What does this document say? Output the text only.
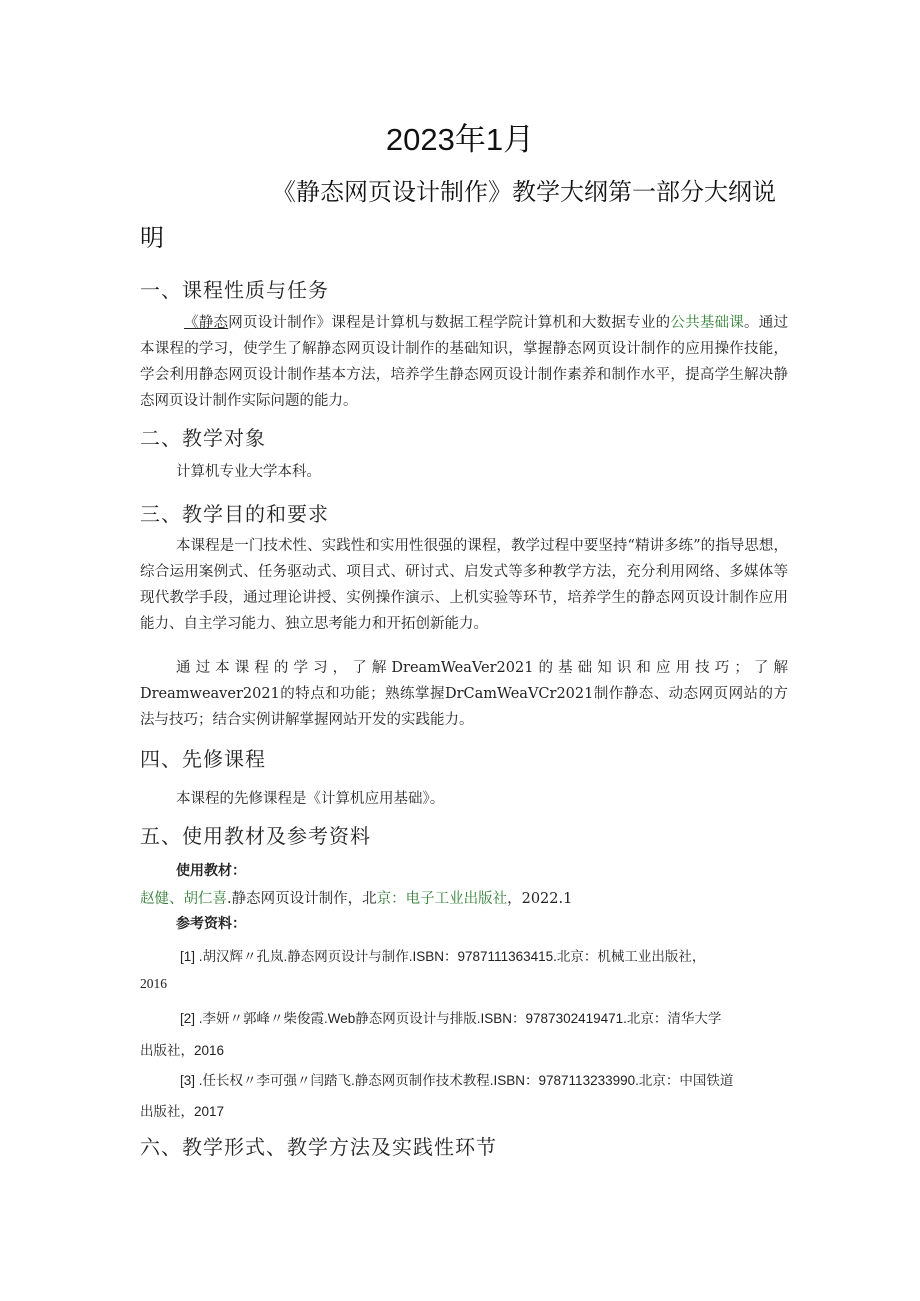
2023年1月
《静态网页设计制作》教学大纲第一部分大纲说
明
一、课程性质与任务
《静态网页设计制作》课程是计算机与数据工程学院计算机和大数据专业的公共基础课。通过本课程的学习，使学生了解静态网页设计制作的基础知识，掌握静态网页设计制作的应用操作技能，学会利用静态网页设计制作基本方法，培养学生静态网页设计制作素养和制作水平，提高学生解决静态网页设计制作实际问题的能力。
二、教学对象
计算机专业大学本科。
三、教学目的和要求
本课程是一门技术性、实践性和实用性很强的课程，教学过程中要坚持“精讲多练”的指导思想，综合运用案例式、任务驱动式、项目式、研讨式、启发式等多种教学方法，充分利用网络、多媒体等现代教学手段，通过理论讲授、实例操作演示、上机实验等环节，培养学生的静态网页设计制作应用能力、自主学习能力、独立思考能力和开拓创新能力。
通过本课程的学习，了解DreamWeaVer2021的基础知识和应用技巧；了解Dreamweaver2021的特点和功能；熟练掌握DrCamWeaVCr2021制作静态、动态网页网站的方法与技巧；结合实例讲解掌握网站开发的实践能力。
四、先修课程
本课程的先修课程是《计算机应用基础》。
五、使用教材及参考资料
使用教材：
赵健、胡仁喜.静态网页设计制作，北京：电子工业出版社，2022.1
参考资料：
[1] .胡汉辉〃孔岚.静态网页设计与制作.ISBN：9787111363415.北京：机械工业出版社，
2016
[2] .李妍〃郭峰〃柴俊霞.Web静态网页设计与排版.ISBN：9787302419471.北京：清华大学
出版社，2016
[3] .任长权〃李可强〃闫踏飞.静态网页制作技术教程.ISBN：9787113233990.北京：中国铁道
出版社，2017
六、教学形式、教学方法及实践性环节
